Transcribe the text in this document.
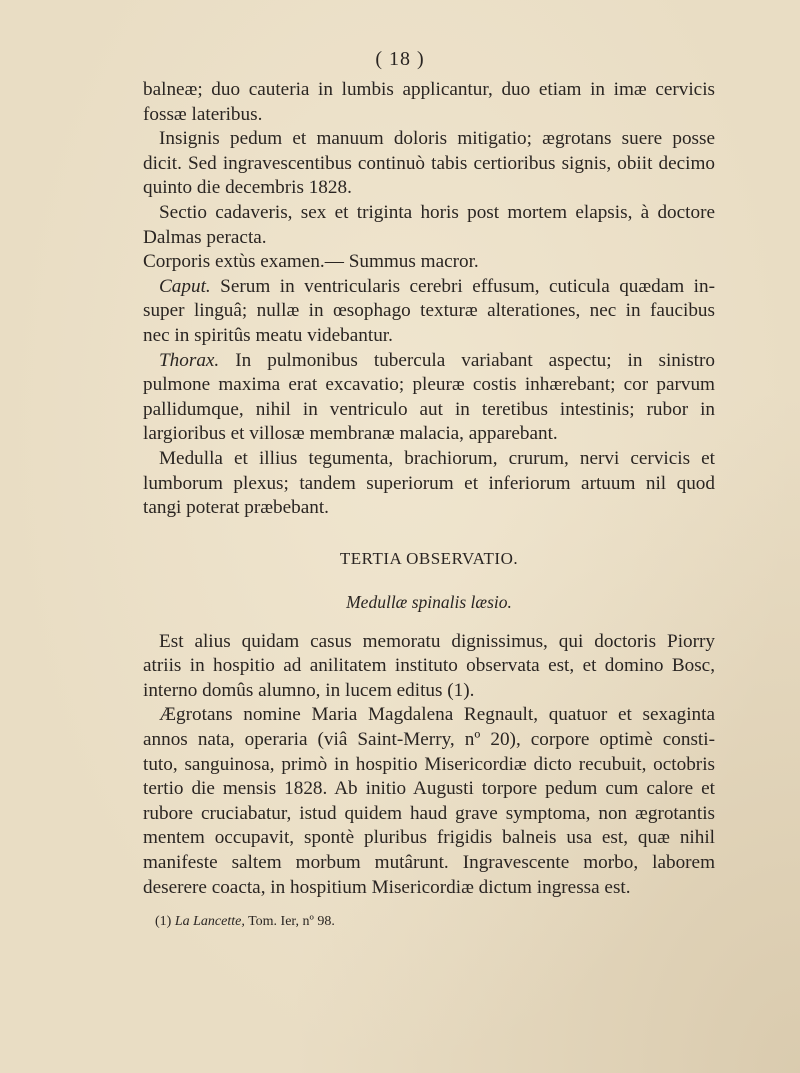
( 18 )

balneæ; duo cauteria in lumbis applicantur, duo etiam in imæ cervicis
fossæ lateribus.

Insignis pedum et manuum doloris mitigatio; ægrotans suere posse
dicit. Sed ingravescentibus continuò tabis certioribus signis, obiit decimo
quinto die decembris 1828.

Sectio cadaveris, sex et triginta horis post mortem elapsis, à doctore
Dalmas peracta.

Corporis extùs examen.— Summus macror.

Caput. Serum in ventricularis cerebri effusum, cuticula quædam in-
super linguâ; nullæ in œsophago texturæ alterationes, nec in faucibus
nec in spiritûs meatu videbantur.

Thorax. In pulmonibus tubercula variabant aspectu; in sinistro
pulmone maxima erat excavatio; pleuræ costis inhærebant; cor parvum
pallidumque, nihil in ventriculo aut in teretibus intestinis; rubor in
largioribus et villosæ membranæ malacia, apparebant.

Medulla et illius tegumenta, brachiorum, crurum, nervi cervicis et
lumborum plexus; tandem superiorum et inferiorum artuum nil quod
tangi poterat præbebant.

TERTIA OBSERVATIO.

Medullæ spinalis læsio.

Est alius quidam casus memoratu dignissimus, qui doctoris Piorry
atriis in hospitio ad anilitatem instituto observata est, et domino Bosc,
interno domûs alumno, in lucem editus (1).

Ægrotans nomine Maria Magdalena Regnault, quatuor et sexaginta
annos nata, operaria (viâ Saint-Merry, nº 20), corpore optimè consti-
tuto, sanguinosa, primò in hospitio Misericordiæ dicto recubuit, octobris
tertio die mensis 1828. Ab initio Augusti torpore pedum cum calore et
rubore cruciabatur, istud quidem haud grave symptoma, non ægrotantis
mentem occupavit, spontè pluribus frigidis balneis usa est, quæ nihil
manifeste saltem morbum mutârunt. Ingravescente morbo, laborem
deserere coacta, in hospitium Misericordiæ dictum ingressa est.

(1) La Lancette, Tom. Ier, nº 98.
